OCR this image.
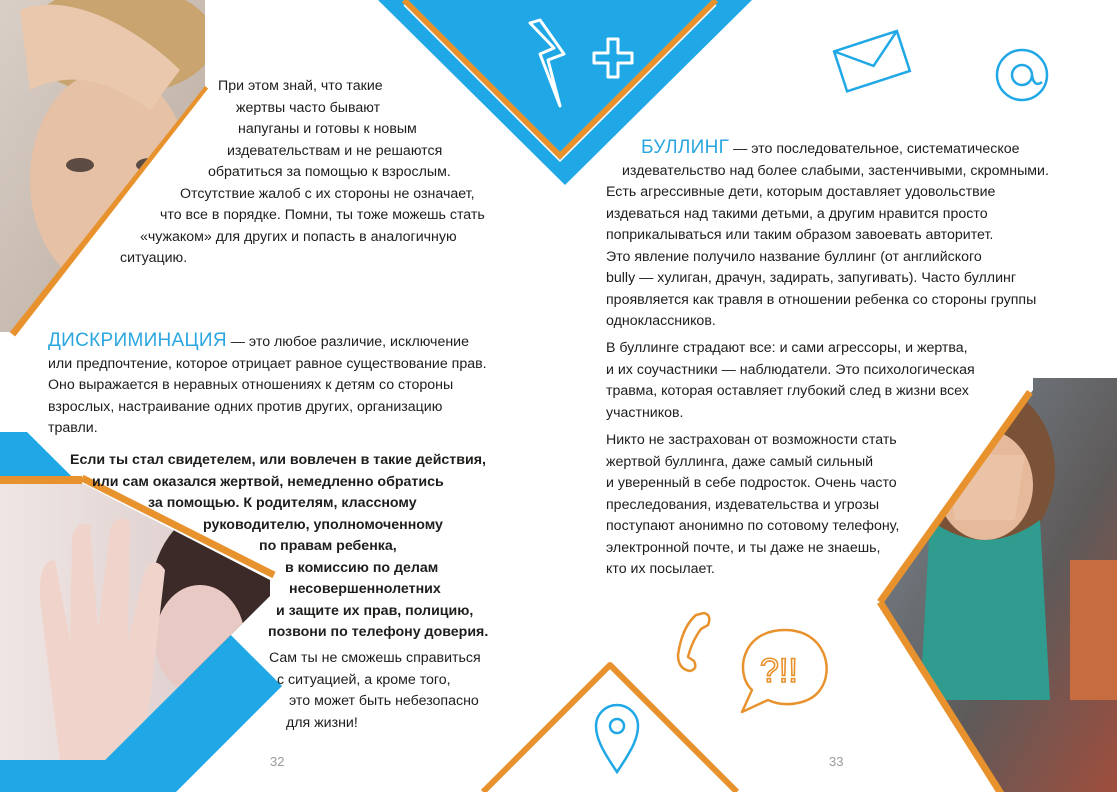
?!!
При этом знай, что такие
жертвы часто бывают
напуганы и готовы к новым
издевательствам и не решаются
обратиться за помощью к взрослым.
Отсутствие жалоб с их стороны не означает,
что все в порядке. Помни, ты тоже можешь стать
«чужаком» для других и попасть в аналогичную
ситуацию.
ДИСКРИМИНАЦИЯ — это любое различие, исключение
или предпочтение, которое отрицает равное существование прав.
Оно выражается в неравных отношениях к детям со стороны
взрослых, настраивание одних против других, организацию
травли.
Если ты стал свидетелем, или вовлечен в такие действия,
или сам оказался жертвой, немедленно обратись
за помощью. К родителям, классному
руководителю, уполномоченному
по правам ребенка,
в комиссию по делам
несовершеннолетних
и защите их прав, полицию,
позвони по телефону доверия.
Сам ты не сможешь справиться
с ситуацией, а кроме того,
это может быть небезопасно
для жизни!
32
БУЛЛИНГ — это последовательное, систематическое
издевательство над более слабыми, застенчивыми, скромными.
Есть агрессивные дети, которым доставляет удовольствие
издеваться над такими детьми, а другим нравится просто
поприкалываться или таким образом завоевать авторитет.
Это явление получило название буллинг (от английского
bully — хулиган, драчун, задирать, запугивать). Часто буллинг
проявляется как травля в отношении ребенка со стороны группы
одноклассников.
В буллинге страдают все: и сами агрессоры, и жертва,
и их соучастники — наблюдатели. Это психологическая
травма, которая оставляет глубокий след в жизни всех
участников.
Никто не застрахован от возможности стать
жертвой буллинга, даже самый сильный
и уверенный в себе подросток. Очень часто
преследования, издевательства и угрозы
поступают анонимно по сотовому телефону,
электронной почте, и ты даже не знаешь,
кто их посылает.
33
